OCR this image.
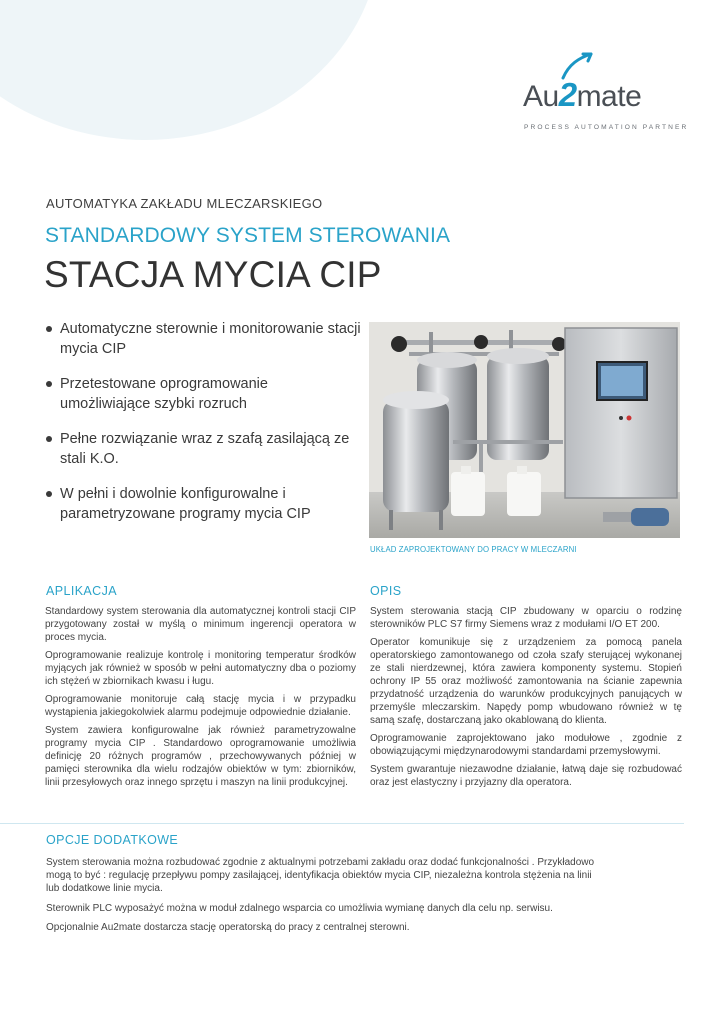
Au2mate
PROCESS AUTOMATION PARTNER
AUTOMATYKA ZAKŁADU MLECZARSKIEGO
STANDARDOWY SYSTEM STEROWANIA
STACJA MYCIA CIP
Automatyczne sterownie i monitorowanie stacji mycia CIP
Przetestowane oprogramowanie umożliwiające szybki rozruch
Pełne rozwiązanie wraz z szafą zasilającą ze stali K.O.
W pełni i dowolnie konfigurowalne i parametryzowane programy mycia CIP
UKŁAD ZAPROJEKTOWANY DO PRACY W MLECZARNI
APLIKACJA

Standardowy system sterowania dla automatycznej kontroli stacji CIP przygotowany został w myślą o minimum ingerencji operatora w proces mycia.

Oprogramowanie realizuje kontrolę i monitoring temperatur środków myjących jak również w sposób w pełni automatyczny dba o poziomy ich stężeń w zbiornikach kwasu i ługu.

Oprogramowanie monitoruje całą stację mycia i w przypadku wystąpienia jakiegokolwiek alarmu podejmuje odpowiednie działanie.

System zawiera konfigurowalne jak również parametryzowalne programy mycia CIP . Standardowo oprogramowanie umożliwia definicję 20 różnych programów , przechowywanych później w pamięci sterownika dla wielu rodzajów obiektów w tym: zbiorników, linii przesyłowych oraz innego sprzętu i maszyn na linii produkcyjnej.

OPIS

System sterowania stacją CIP zbudowany w oparciu o rodzinę sterowników PLC S7 firmy Siemens wraz z modułami I/O ET 200.

Operator komunikuje się z urządzeniem za pomocą panela operatorskiego zamontowanego od czoła szafy sterującej wykonanej ze stali nierdzewnej, która zawiera komponenty systemu. Stopień ochrony IP 55 oraz możliwość zamontowania na ścianie zapewnia przydatność urządzenia do warunków produkcyjnych panujących w przemyśle mleczarskim. Napędy pomp wbudowano również w tę samą szafę, dostarczaną jako okablowaną do klienta.

Oprogramowanie zaprojektowano jako modułowe , zgodnie z obowiązującymi międzynarodowymi standardami przemysłowymi.

System gwarantuje niezawodne działanie, łatwą daje się rozbudować oraz jest elastyczny i przyjazny dla operatora.

OPCJE DODATKOWE

System sterowania można rozbudować zgodnie z aktualnymi potrzebami zakładu oraz dodać funkcjonalności . Przykładowo mogą to być : regulację przepływu pompy zasilającej, identyfikacja obiektów mycia CIP, niezależna kontrola stężenia na linii lub dodatkowe linie mycia.

Sterownik PLC wyposażyć można w moduł zdalnego wsparcia co umożliwia wymianę danych dla celu np. serwisu.

Opcjonalnie Au2mate dostarcza stację operatorską do pracy z centralnej sterowni.
